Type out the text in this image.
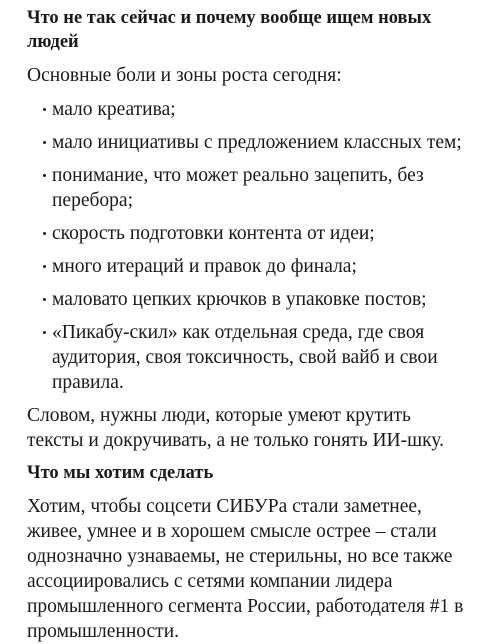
Что не так сейчас и почему вообще ищем новых людей

Основные боли и зоны роста сегодня:

мало креатива;
мало инициативы с предложением классных тем;
понимание, что может реально зацепить, без перебора;
скорость подготовки контента от идеи;
много итераций и правок до финала;
маловато цепких крючков в упаковке постов;
«Пикабу-скил» как отдельная среда, где своя аудитория, своя токсичность, свой вайб и свои правила.

Словом, нужны люди, которые умеют крутить тексты и докручивать, а не только гонять ИИ-шку.

Что мы хотим сделать

Хотим, чтобы соцсети СИБУРа стали заметнее, живее, умнее и в хорошем смысле острее – стали однозначно узнаваемы, не стерильны, но все также ассоциировались с сетями компании лидера промышленного сегмента России, работодателя #1 в промышленности.
